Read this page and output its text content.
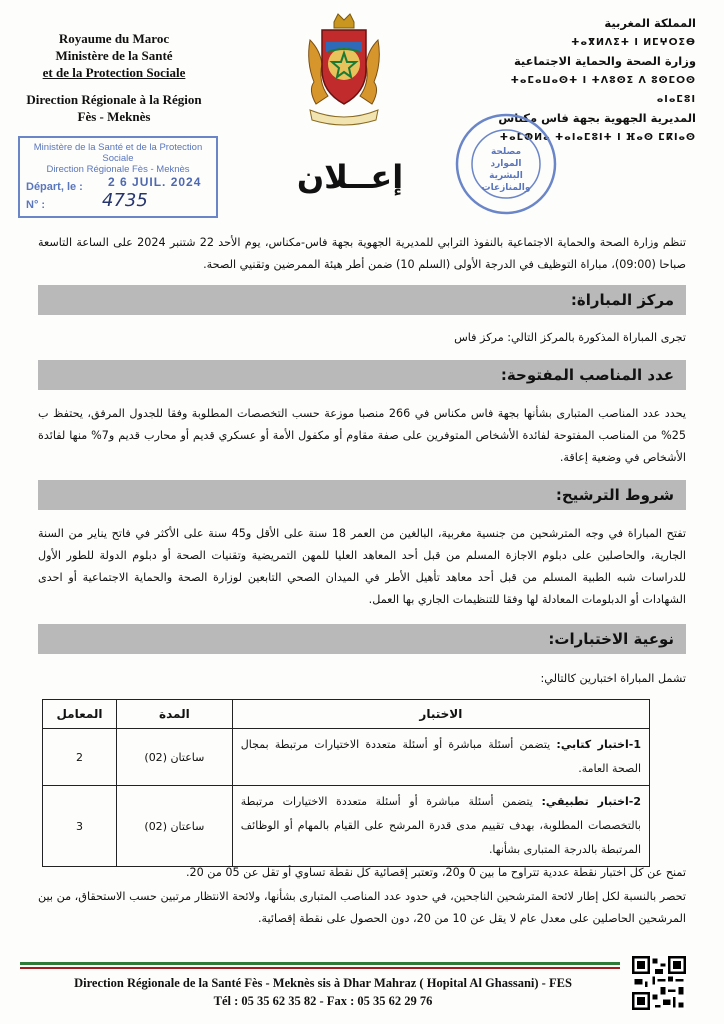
Royaume du Maroc
Ministère de la Santé
et de la Protection Sociale
Direction Régionale à la Région
Fès - Meknès
المملكة المغربية
ⵜⴰⴳⵍⴷⵉⵜ ⵏ ⵍⵎⵖⵔⵉⴱ
وزارة الصحة والحماية الاجتماعية
ⵜⴰⵎⴰⵡⴰⵙⵜ ⵏ ⵜⴷⵓⵙⵉ ⴷ ⵓⵙⵎⵔⵙ ⴰⵏⴰⵎⵓⵏ
المديرية الجهوية بجهة فاس مكناس
ⵜⴰⵎⵀⵍⴰ ⵜⴰⵏⴰⵎⵓⵏⵜ ⵏ ⴼⴰⵙ ⵎⴽⵏⴰⵙ
Ministère de la Santé et de la Protection Sociale
Direction Régionale Fès - Meknès
Départ, le :
N° :
2 6 JUIL. 2024
4735
مصلحة الموارد البشرية والمنازعات
إعــلان
تنظم وزارة الصحة والحماية الاجتماعية بالنفوذ الترابي للمديرية الجهوية بجهة فاس-مكناس، يوم الأحد 22 شتنبر 2024 على الساعة التاسعة صباحا (09:00)، مباراة التوظيف في الدرجة الأولى (السلم 10) ضمن أطر هيئة الممرضين وتقنيي الصحة.
مركز المباراة:
تجرى المباراة المذكورة بالمركز التالي: مركز فاس
عدد المناصب المفتوحة:
يحدد عدد المناصب المتبارى بشأنها بجهة فاس مكناس في 266 منصبا موزعة حسب التخصصات المطلوبة وفقا للجدول المرفق، يحتفظ ب 25% من المناصب المفتوحة لفائدة الأشخاص المتوفرين على صفة مقاوم أو مكفول الأمة أو عسكري قديم أو محارب قديم و7% منها لفائدة الأشخاص في وضعية إعاقة.
شروط الترشيح:
تفتح المباراة في وجه المترشحين من جنسية مغربية، البالغين من العمر 18 سنة على الأقل و45 سنة على الأكثر في فاتح يناير من السنة الجارية، والحاصلين على دبلوم الاجازة المسلم من قبل أحد المعاهد العليا للمهن التمريضية وتقنيات الصحة أو دبلوم الدولة للطور الأول للدراسات شبه الطبية المسلم من قبل أحد معاهد تأهيل الأطر في الميدان الصحي التابعين لوزارة الصحة والحماية الاجتماعية أو احدى الشهادات أو الدبلومات المعادلة لها وفقا للتنظيمات الجاري بها العمل.
نوعية الاختبارات:
تشمل المباراة اختبارين كالتالي:
الاختبار	المدة	المعامل
1-اختبار كتابي: يتضمن أسئلة مباشرة أو أسئلة متعددة الاختيارات مرتبطة بمجال الصحة العامة.	ساعتان (02)	2
2-اختبار تطبيقي: يتضمن أسئلة مباشرة أو أسئلة متعددة الاختيارات مرتبطة بالتخصصات المطلوبة، بهدف تقييم مدى قدرة المرشح على القيام بالمهام أو الوظائف المرتبطة بالدرجة المتبارى بشأنها.	ساعتان (02)	3
تمنح عن كل اختبار نقطة عددية تتراوح ما بين 0 و20، وتعتبر إقصائية كل نقطة تساوي أو تقل عن 05 من 20.
تحصر بالنسبة لكل إطار لائحة المترشحين الناجحين، في حدود عدد المناصب المتبارى بشأنها، ولائحة الانتظار مرتبين حسب الاستحقاق، من بين المرشحين الحاصلين على معدل عام لا يقل عن 10 من 20، دون الحصول على نقطة إقصائية.
Direction Régionale de la Santé Fès - Meknès sis à Dhar Mahraz ( Hopital Al Ghassani) - FES
Tél : 05 35 62 35 82 - Fax : 05 35 62 29 76
